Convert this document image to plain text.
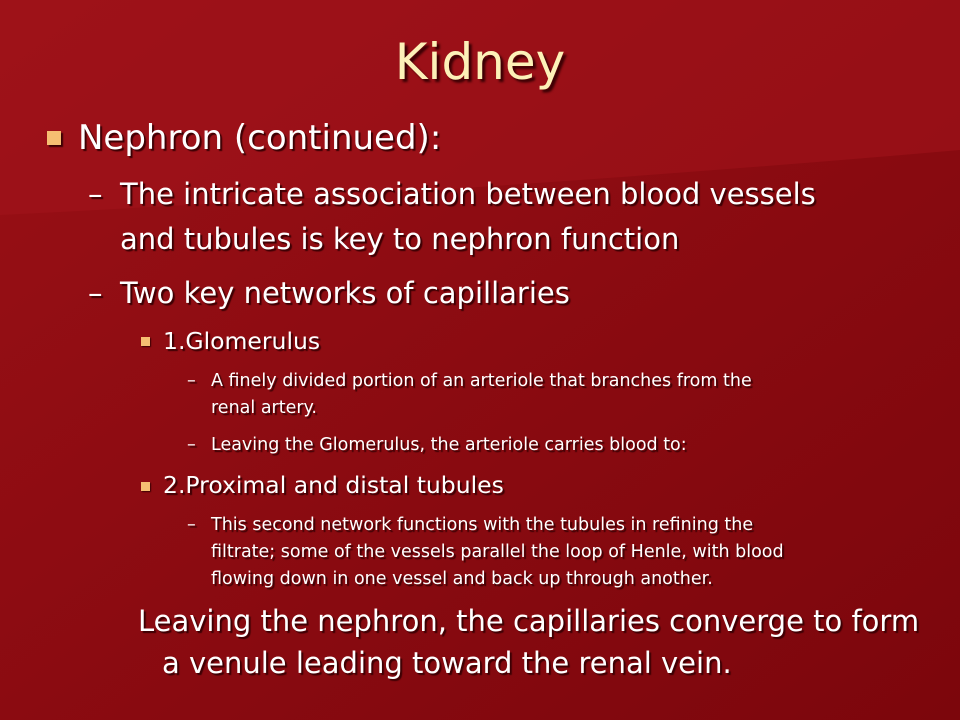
Kidney
Nephron (continued):
– The intricate association between blood vessels
and tubules is key to nephron function
– Two key networks of capillaries
1.Glomerulus
– A finely divided portion of an arteriole that branches from the
renal artery.
– Leaving the Glomerulus, the arteriole carries blood to:
2.Proximal and distal tubules
– This second network functions with the tubules in refining the
filtrate; some of the vessels parallel the loop of Henle, with blood
flowing down in one vessel and back up through another.
Leaving the nephron, the capillaries converge to form
a venule leading toward the renal vein.
